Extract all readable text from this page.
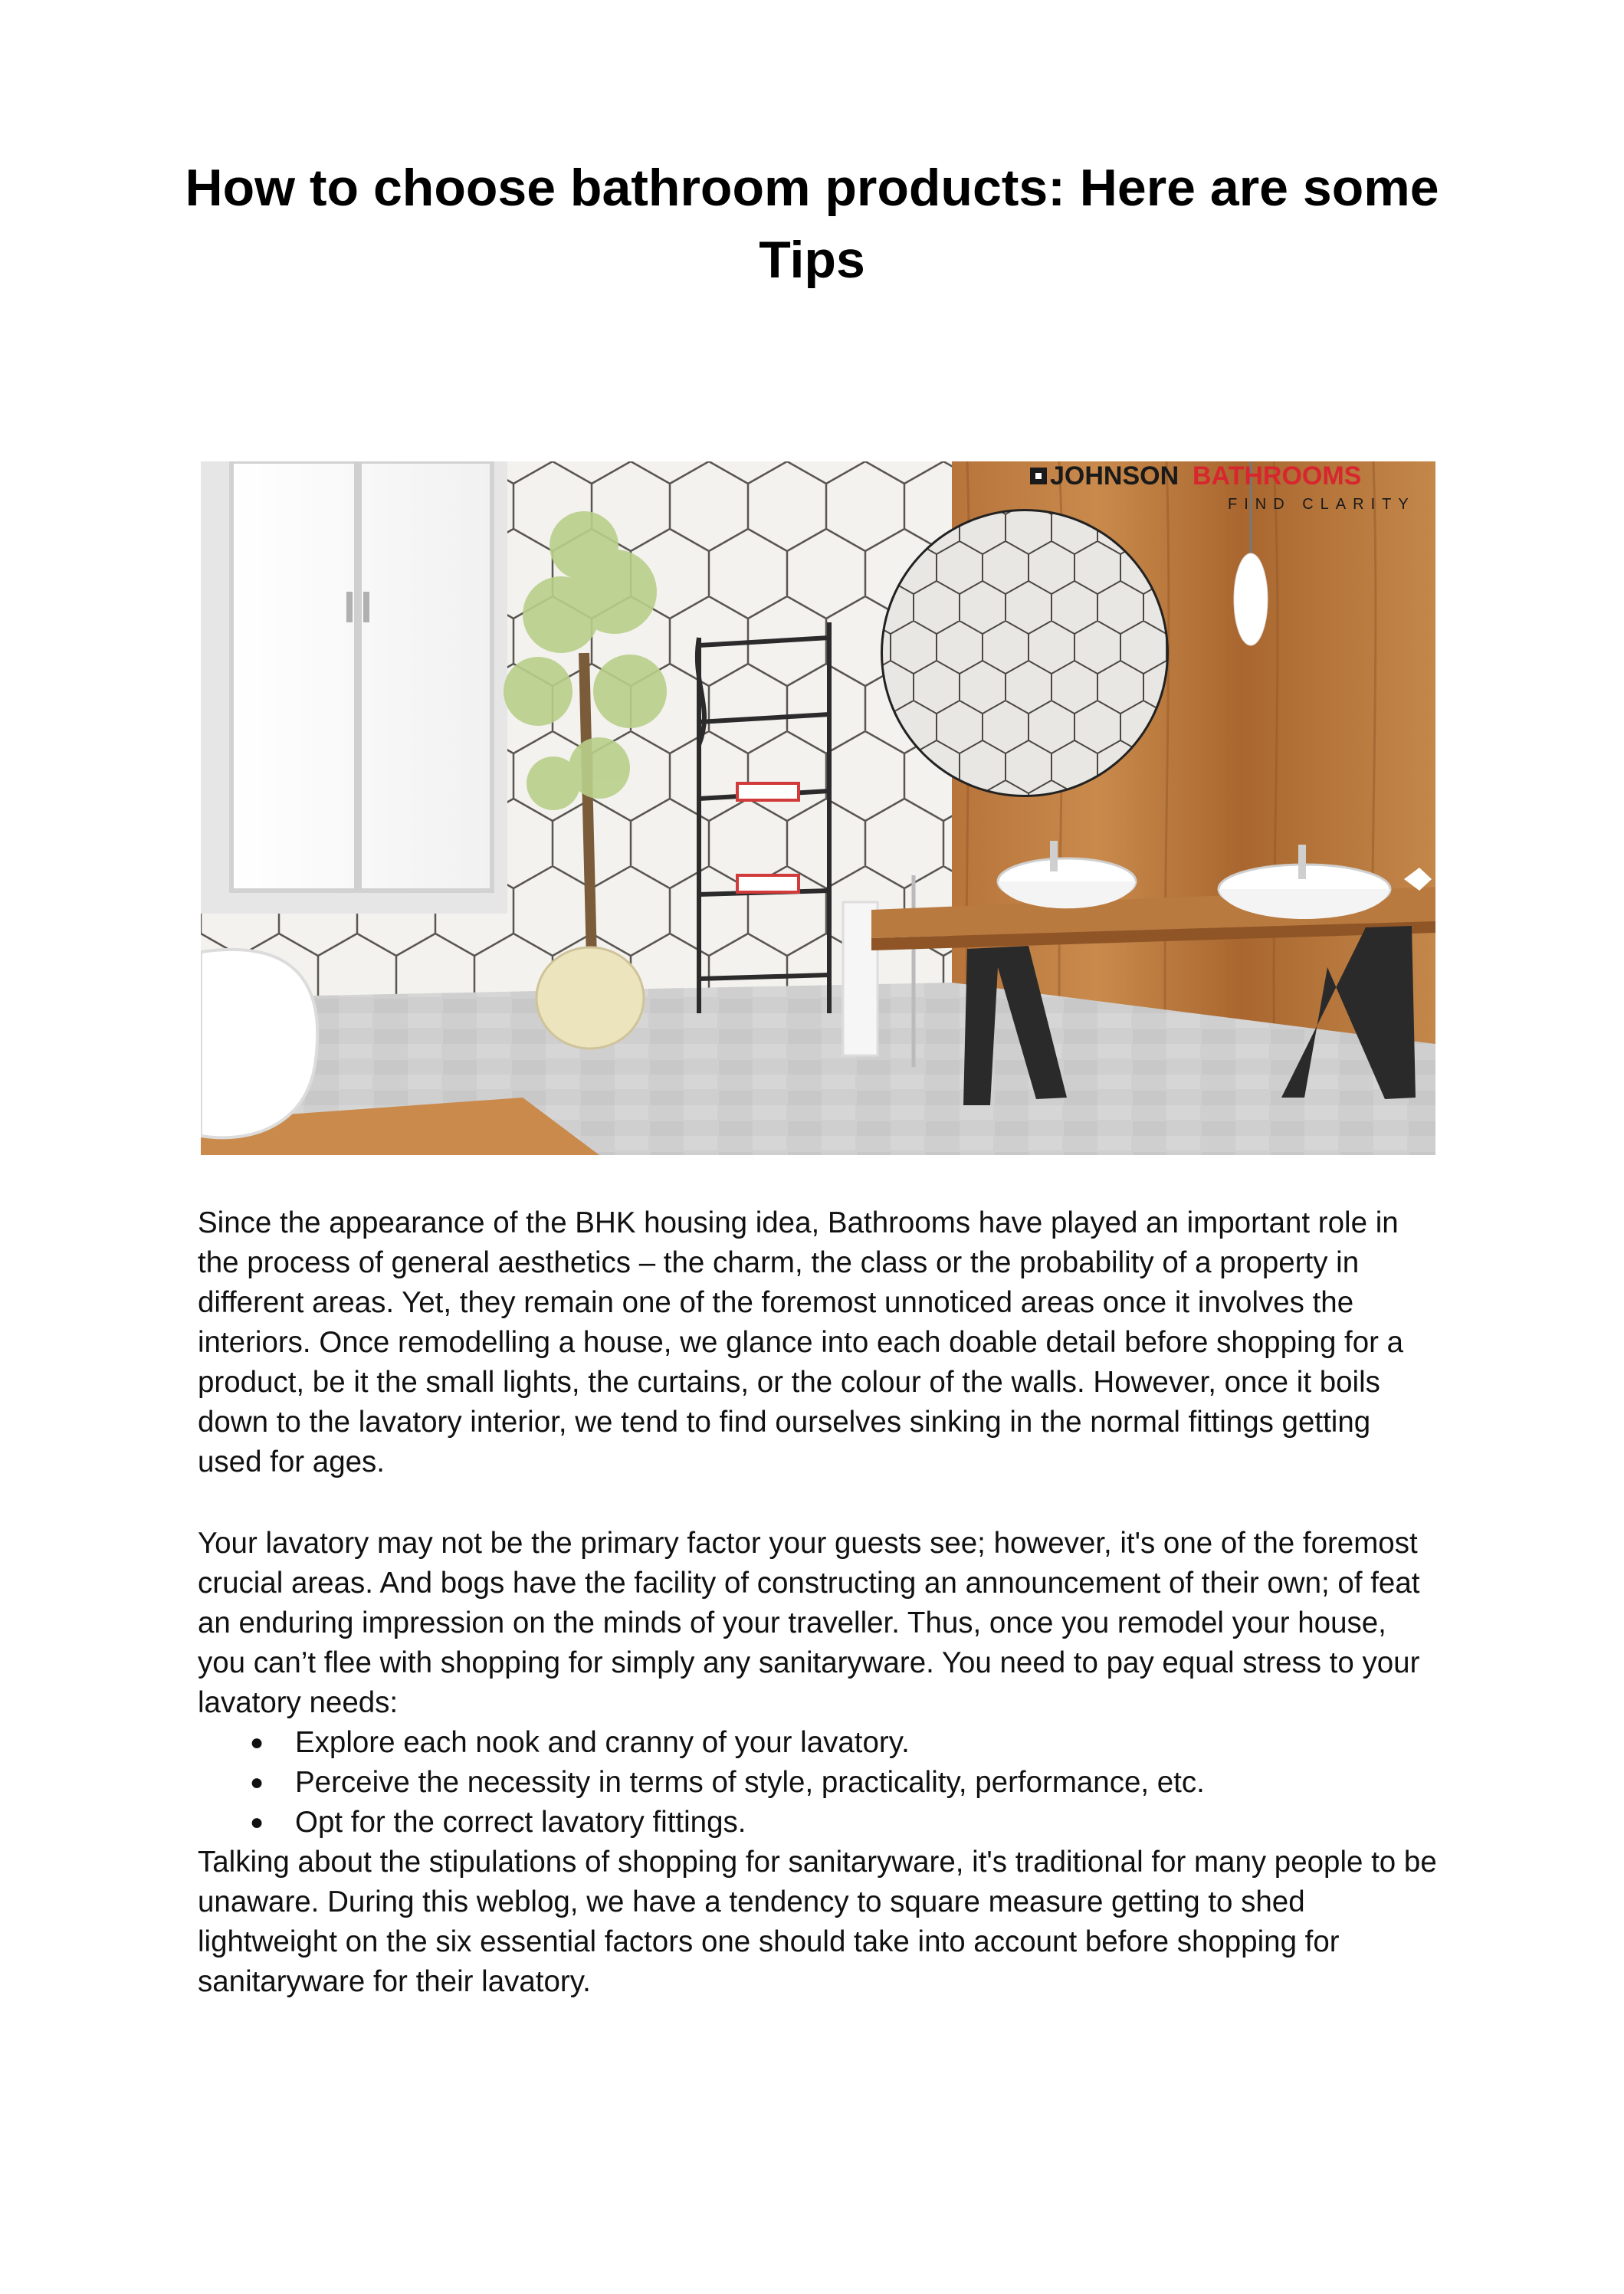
How to choose bathroom products: Here are some Tips
JOHNSON BATHROOMS
FIND CLARITY

Since the appearance of the BHK housing idea, Bathrooms have played an important role in the process of general aesthetics – the charm, the class or the probability of a property in different areas. Yet, they remain one of the foremost unnoticed areas once it involves the interiors. Once remodelling a house, we glance into each doable detail before shopping for a product, be it the small lights, the curtains, or the colour of the walls. However, once it boils down to the lavatory interior, we tend to find ourselves sinking in the normal fittings getting used for ages.

Your lavatory may not be the primary factor your guests see; however, it's one of the foremost crucial areas. And bogs have the facility of constructing an announcement of their own; of feat an enduring impression on the minds of your traveller. Thus, once you remodel your house, you can’t flee with shopping for simply any sanitaryware. You need to pay equal stress to your lavatory needs:

● Explore each nook and cranny of your lavatory.
● Perceive the necessity in terms of style, practicality, performance, etc.
● Opt for the correct lavatory fittings.

Talking about the stipulations of shopping for sanitaryware, it's traditional for many people to be unaware. During this weblog, we have a tendency to square measure getting to shed lightweight on the six essential factors one should take into account before shopping for sanitaryware for their lavatory.
